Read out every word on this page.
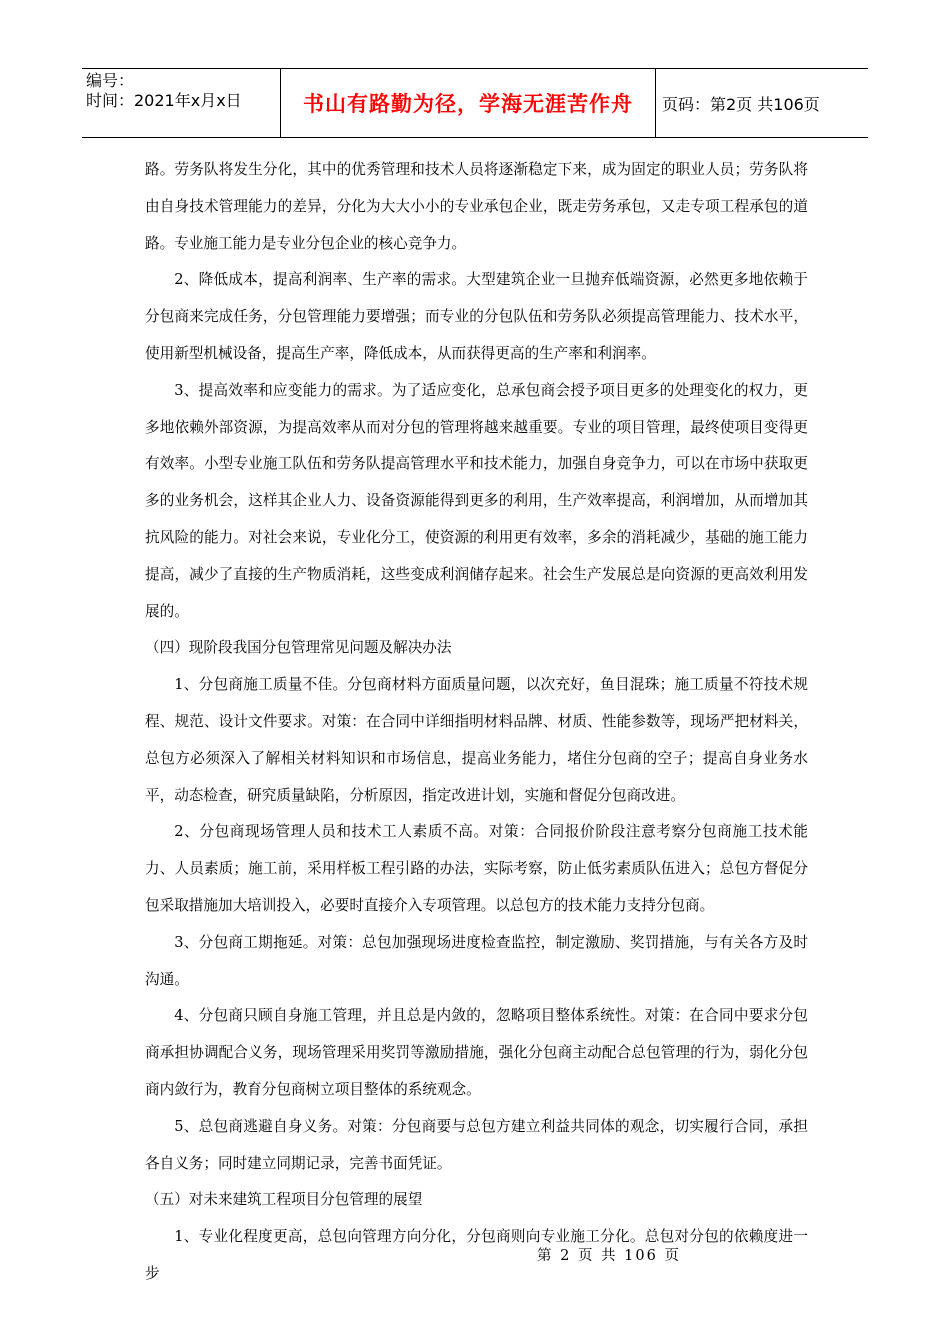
编号：
时间：2021年x月x日	书山有路勤为径，学海无涯苦作舟	页码：第2页 共106页

路。劳务队将发生分化，其中的优秀管理和技术人员将逐渐稳定下来，成为固定的职业人员；劳务队将由自身技术管理能力的差异，分化为大大小小的专业承包企业，既走劳务承包，又走专项工程承包的道路。专业施工能力是专业分包企业的核心竞争力。

2、降低成本，提高利润率、生产率的需求。大型建筑企业一旦抛弃低端资源，必然更多地依赖于分包商来完成任务，分包管理能力要增强；而专业的分包队伍和劳务队必须提高管理能力、技术水平，使用新型机械设备，提高生产率，降低成本，从而获得更高的生产率和利润率。

3、提高效率和应变能力的需求。为了适应变化，总承包商会授予项目更多的处理变化的权力，更多地依赖外部资源，为提高效率从而对分包的管理将越来越重要。专业的项目管理，最终使项目变得更有效率。小型专业施工队伍和劳务队提高管理水平和技术能力，加强自身竞争力，可以在市场中获取更多的业务机会，这样其企业人力、设备资源能得到更多的利用，生产效率提高，利润增加，从而增加其抗风险的能力。对社会来说，专业化分工，使资源的利用更有效率，多余的消耗减少，基础的施工能力提高，减少了直接的生产物质消耗，这些变成利润储存起来。社会生产发展总是向资源的更高效利用发展的。

（四）现阶段我国分包管理常见问题及解决办法

1、分包商施工质量不佳。分包商材料方面质量问题，以次充好，鱼目混珠；施工质量不符技术规程、规范、设计文件要求。对策：在合同中详细指明材料品牌、材质、性能参数等，现场严把材料关，总包方必须深入了解相关材料知识和市场信息，提高业务能力，堵住分包商的空子；提高自身业务水平，动态检查，研究质量缺陷，分析原因，指定改进计划，实施和督促分包商改进。

2、分包商现场管理人员和技术工人素质不高。对策：合同报价阶段注意考察分包商施工技术能力、人员素质；施工前，采用样板工程引路的办法，实际考察，防止低劣素质队伍进入；总包方督促分包采取措施加大培训投入，必要时直接介入专项管理。以总包方的技术能力支持分包商。

3、分包商工期拖延。对策：总包加强现场进度检查监控，制定激励、奖罚措施，与有关各方及时沟通。

4、分包商只顾自身施工管理，并且总是内敛的，忽略项目整体系统性。对策：在合同中要求分包商承担协调配合义务，现场管理采用奖罚等激励措施，强化分包商主动配合总包管理的行为，弱化分包商内敛行为，教育分包商树立项目整体的系统观念。

5、总包商逃避自身义务。对策：分包商要与总包方建立利益共同体的观念，切实履行合同，承担各自义务；同时建立同期记录，完善书面凭证。

（五）对未来建筑工程项目分包管理的展望

1、专业化程度更高，总包向管理方向分化，分包商则向专业施工分化。总包对分包的依赖度进一步

第 2 页 共 106 页
